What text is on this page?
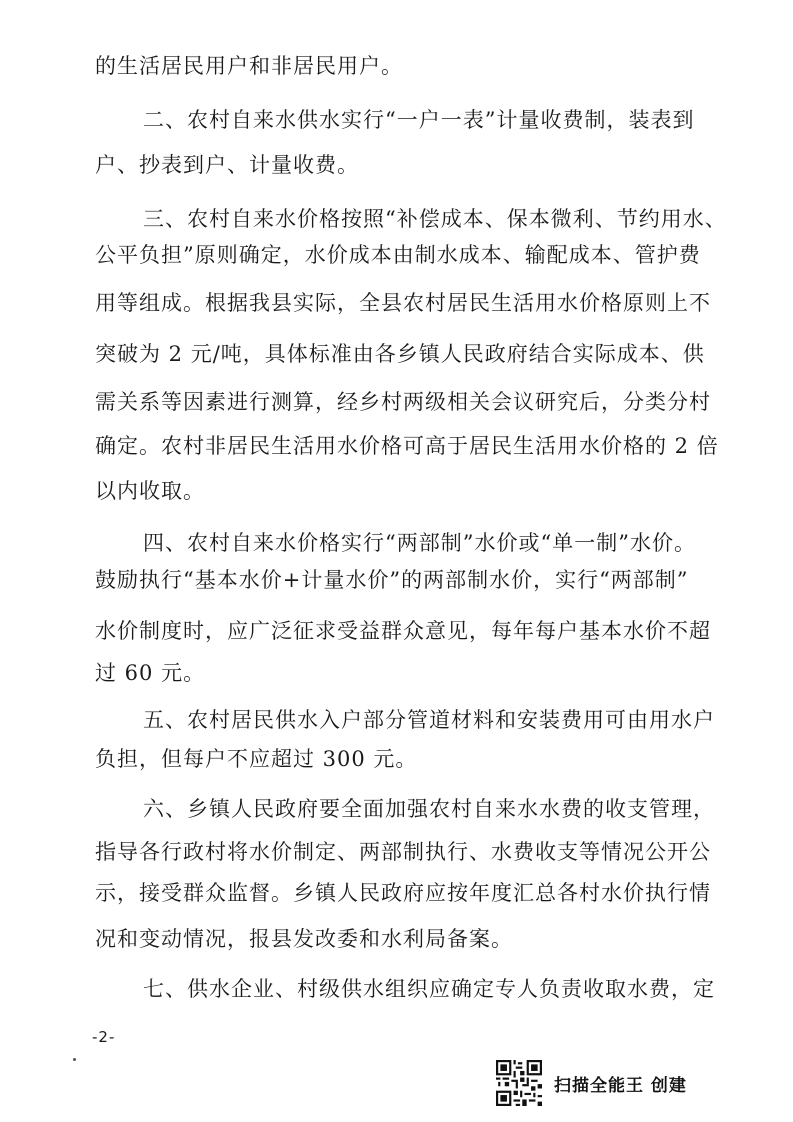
的生活居民用户和非居民用户。
二、农村自来水供水实行“一户一表”计量收费制，装表到
户、抄表到户、计量收费。
三、农村自来水价格按照“补偿成本、保本微利、节约用水、
公平负担”原则确定，水价成本由制水成本、输配成本、管护费
用等组成。根据我县实际，全县农村居民生活用水价格原则上不
突破为 2 元/吨，具体标准由各乡镇人民政府结合实际成本、供
需关系等因素进行测算，经乡村两级相关会议研究后，分类分村
确定。农村非居民生活用水价格可高于居民生活用水价格的 2 倍
以内收取。
四、农村自来水价格实行“两部制”水价或“单一制”水价。
鼓励执行“基本水价+计量水价”的两部制水价，实行“两部制”
水价制度时，应广泛征求受益群众意见，每年每户基本水价不超
过 60 元。
五、农村居民供水入户部分管道材料和安装费用可由用水户
负担，但每户不应超过 300 元。
六、乡镇人民政府要全面加强农村自来水水费的收支管理，
指导各行政村将水价制定、两部制执行、水费收支等情况公开公
示，接受群众监督。乡镇人民政府应按年度汇总各村水价执行情
况和变动情况，报县发改委和水利局备案。
七、供水企业、村级供水组织应确定专人负责收取水费，定
-2-
扫描全能王 创建
